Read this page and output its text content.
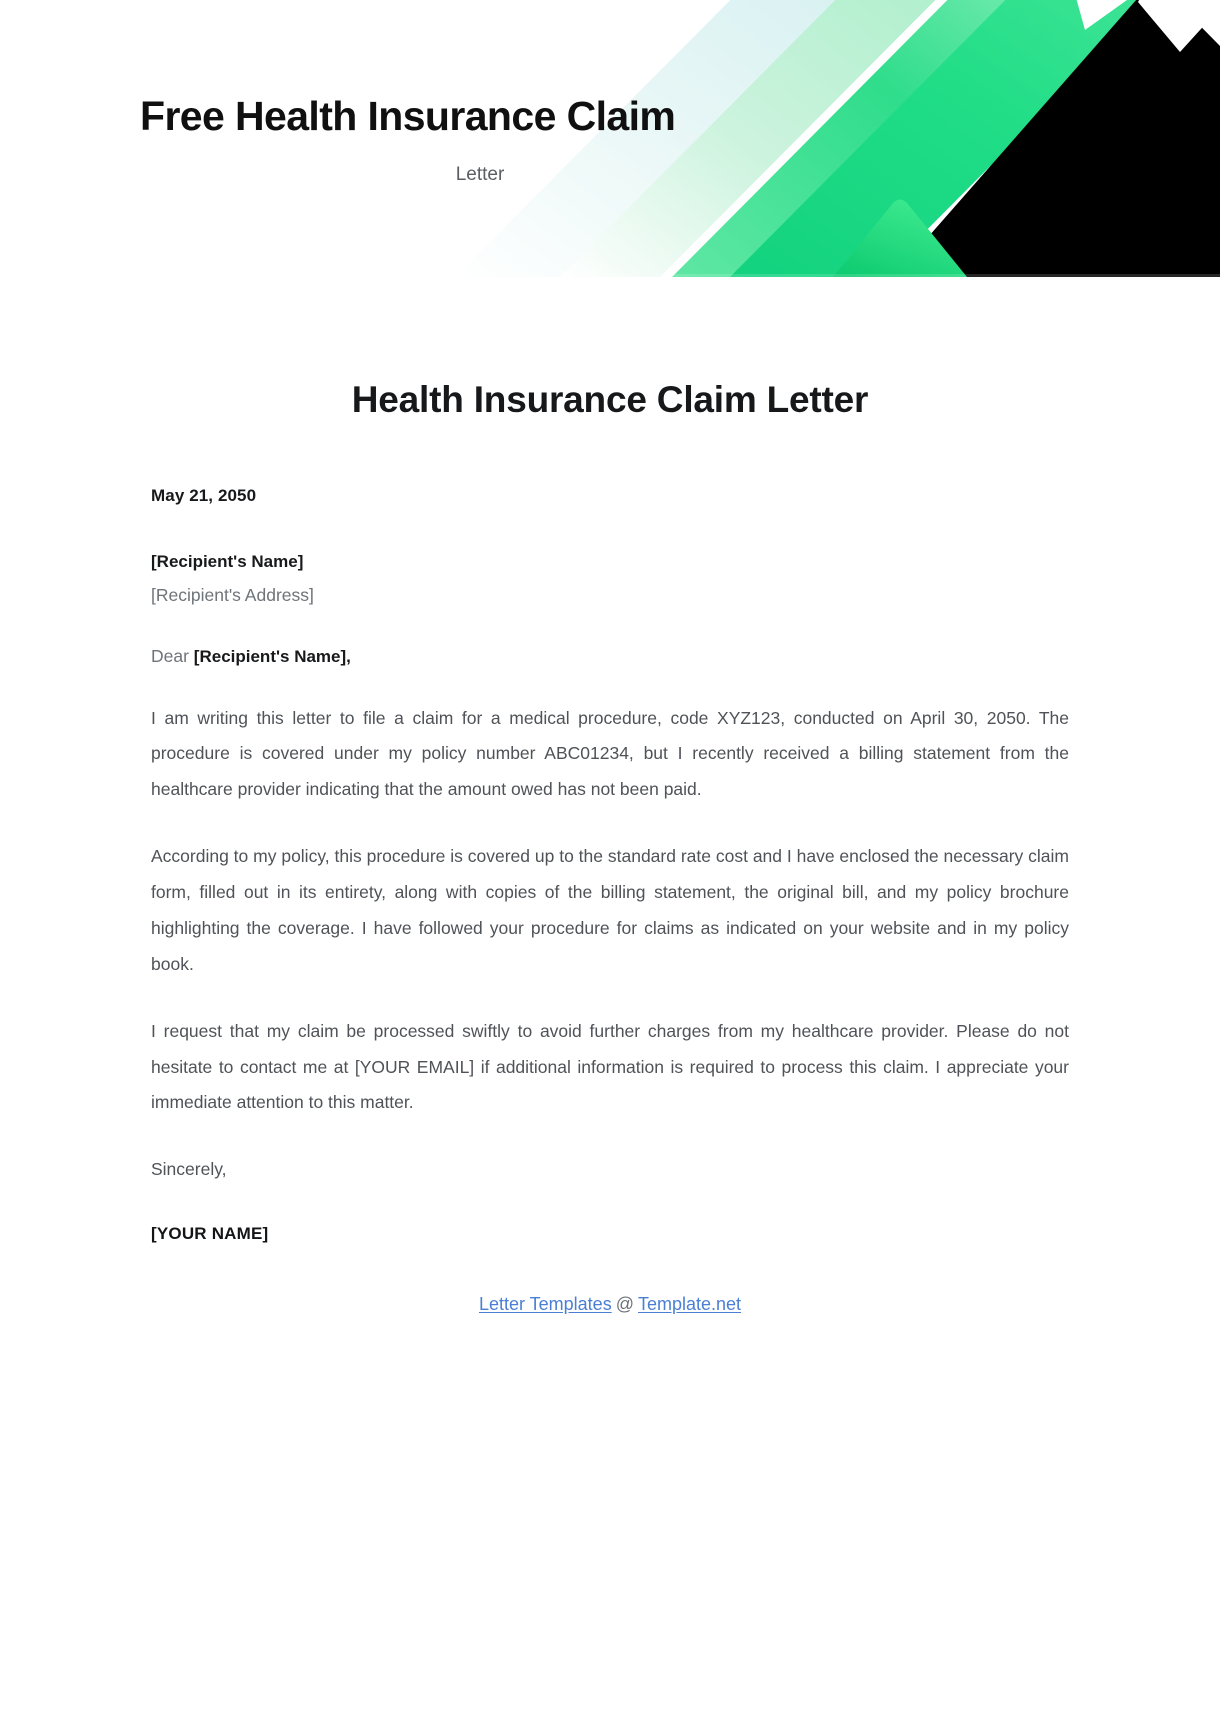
Free Health Insurance Claim
Letter
Health Insurance Claim Letter
May 21, 2050
[Recipient's Name]
[Recipient's Address]
Dear [Recipient's Name],

I am writing this letter to file a claim for a medical procedure, code XYZ123, conducted on April 30, 2050. The procedure is covered under my policy number ABC01234, but I recently received a billing statement from the healthcare provider indicating that the amount owed has not been paid.

According to my policy, this procedure is covered up to the standard rate cost and I have enclosed the necessary claim form, filled out in its entirety, along with copies of the billing statement, the original bill, and my policy brochure highlighting the coverage. I have followed your procedure for claims as indicated on your website and in my policy book.

I request that my claim be processed swiftly to avoid further charges from my healthcare provider. Please do not hesitate to contact me at [YOUR EMAIL] if additional information is required to process this claim. I appreciate your immediate attention to this matter.

Sincerely,
[YOUR NAME]
Letter Templates @ Template.net
